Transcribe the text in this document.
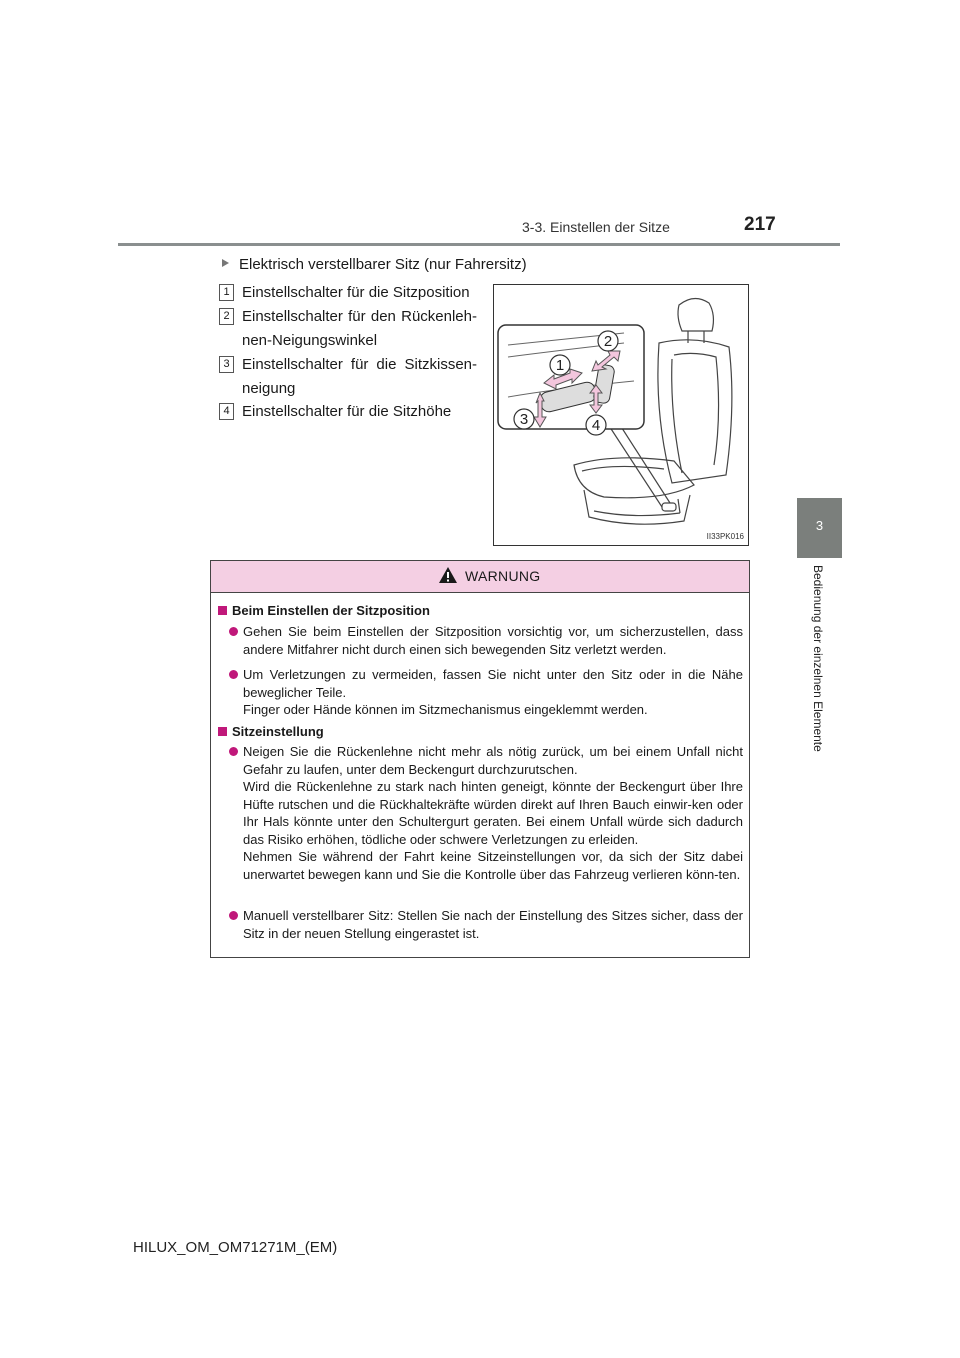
3-3. Einstellen der Sitze	217
3
Bedienung der einzelnen Elemente
Elektrisch verstellbarer Sitz (nur Fahrersitz)
1 Einstellschalter für die Sitzposition
2 Einstellschalter für den Rückenleh-nen-Neigungswinkel
3 Einstellschalter für die Sitzkissen-neigung
4 Einstellschalter für die Sitzhöhe
1
2
3	4
II33PK016
WARNUNG
Beim Einstellen der Sitzposition
Gehen Sie beim Einstellen der Sitzposition vorsichtig vor, um sicherzustellen, dass andere Mitfahrer nicht durch einen sich bewegenden Sitz verletzt werden.
Um Verletzungen zu vermeiden, fassen Sie nicht unter den Sitz oder in die Nähe beweglicher Teile.
Finger oder Hände können im Sitzmechanismus eingeklemmt werden.
Sitzeinstellung
Neigen Sie die Rückenlehne nicht mehr als nötig zurück, um bei einem Unfall nicht Gefahr zu laufen, unter dem Beckengurt durchzurutschen.
Wird die Rückenlehne zu stark nach hinten geneigt, könnte der Beckengurt über Ihre Hüfte rutschen und die Rückhaltekräfte würden direkt auf Ihren Bauch einwir-ken oder Ihr Hals könnte unter den Schultergurt geraten. Bei einem Unfall würde sich dadurch das Risiko erhöhen, tödliche oder schwere Verletzungen zu erleiden.
Nehmen Sie während der Fahrt keine Sitzeinstellungen vor, da sich der Sitz dabei unerwartet bewegen kann und Sie die Kontrolle über das Fahrzeug verlieren könn-ten.
Manuell verstellbarer Sitz: Stellen Sie nach der Einstellung des Sitzes sicher, dass der Sitz in der neuen Stellung eingerastet ist.
HILUX_OM_OM71271M_(EM)
